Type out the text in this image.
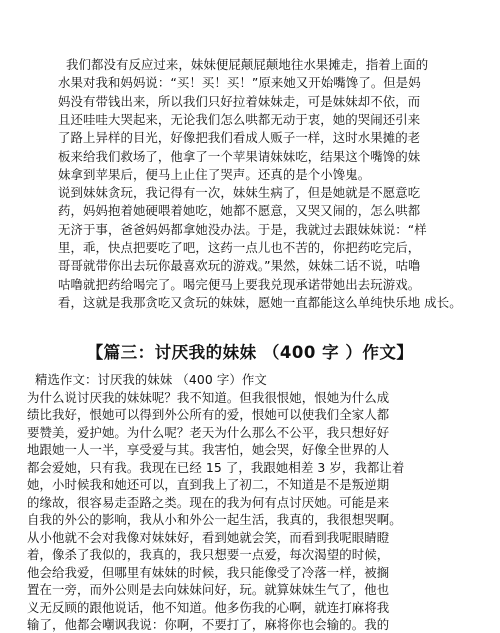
我们都没有反应过来，妹妹便屁颠屁颠地往水果摊走，指着上面的
水果对我和妈妈说：“买！买！买！”原来她又开始嘴馋了。但是妈
妈没有带钱出来，所以我们只好拉着妹妹走，可是妹妹却不依，而
且还哇哇大哭起来，无论我们怎么哄都无动于衷，她的哭闹还引来
了路上异样的目光，好像把我们看成人贩子一样，这时水果摊的老
板来给我们救场了，他拿了一个苹果请妹妹吃，结果这个嘴馋的妹
妹拿到苹果后，便马上止住了哭声。还真的是个小馋鬼。
说到妹妹贪玩，我记得有一次，妹妹生病了，但是她就是不愿意吃
药，妈妈抱着她硬喂着她吃，她都不愿意，又哭又闹的，怎么哄都
无济于事，爸爸妈妈都拿她没办法。于是，我就过去跟妹妹说：“样
里，乖，快点把要吃了吧，这药一点儿也不苦的，你把药吃完后，
哥哥就带你出去玩你最喜欢玩的游戏。”果然，妹妹二话不说，咕噜
咕噜就把药给喝完了。喝完便马上要我兑现承诺带她出去玩游戏。
看，这就是我那贪吃又贪玩的妹妹，愿她一直都能这么单纯快乐地 成长。
【篇三：讨厌我的妹妹 （400 字 ）作文】
精选作文：讨厌我的妹妹 （400 字）作文
为什么说讨厌我的妹妹呢？我不知道。但我很恨她，恨她为什么成
绩比我好，恨她可以得到外公所有的爱，恨她可以使我们全家人都
要赞美，爱护她。为什么呢？老天为什么那么不公平，我只想好好
地跟她一人一半，享受爱与其。我害怕，她会哭，好像全世界的人
都会爱她，只有我。我现在已经 15 了，我跟她相差 3 岁，我都让着
她，小时候我和她还可以，直到我上了初二，不知道是不是叛逆期
的缘故，很容易走歪路之类。现在的我为何有点讨厌她。可能是来
自我的外公的影响，我从小和外公一起生活，我真的，我很想哭啊。
从小他就不会对我像对妹妹好，看到她就会笑，而看到我呢眼睛瞪
着，像杀了我似的，我真的，我只想要一点爱，每次渴望的时候，
他会给我爱，但哪里有妹妹的时候，我只能像受了冷落一样，被搁
置在一旁，而外公则是去向妹妹问好，玩。就算妹妹生气了，他也
义无反顾的跟他说话，他不知道。他多伤我的心啊，就连打麻将我
输了，他都会嘲讽我说：你啊，不要打了，麻将你也会输的。我的
